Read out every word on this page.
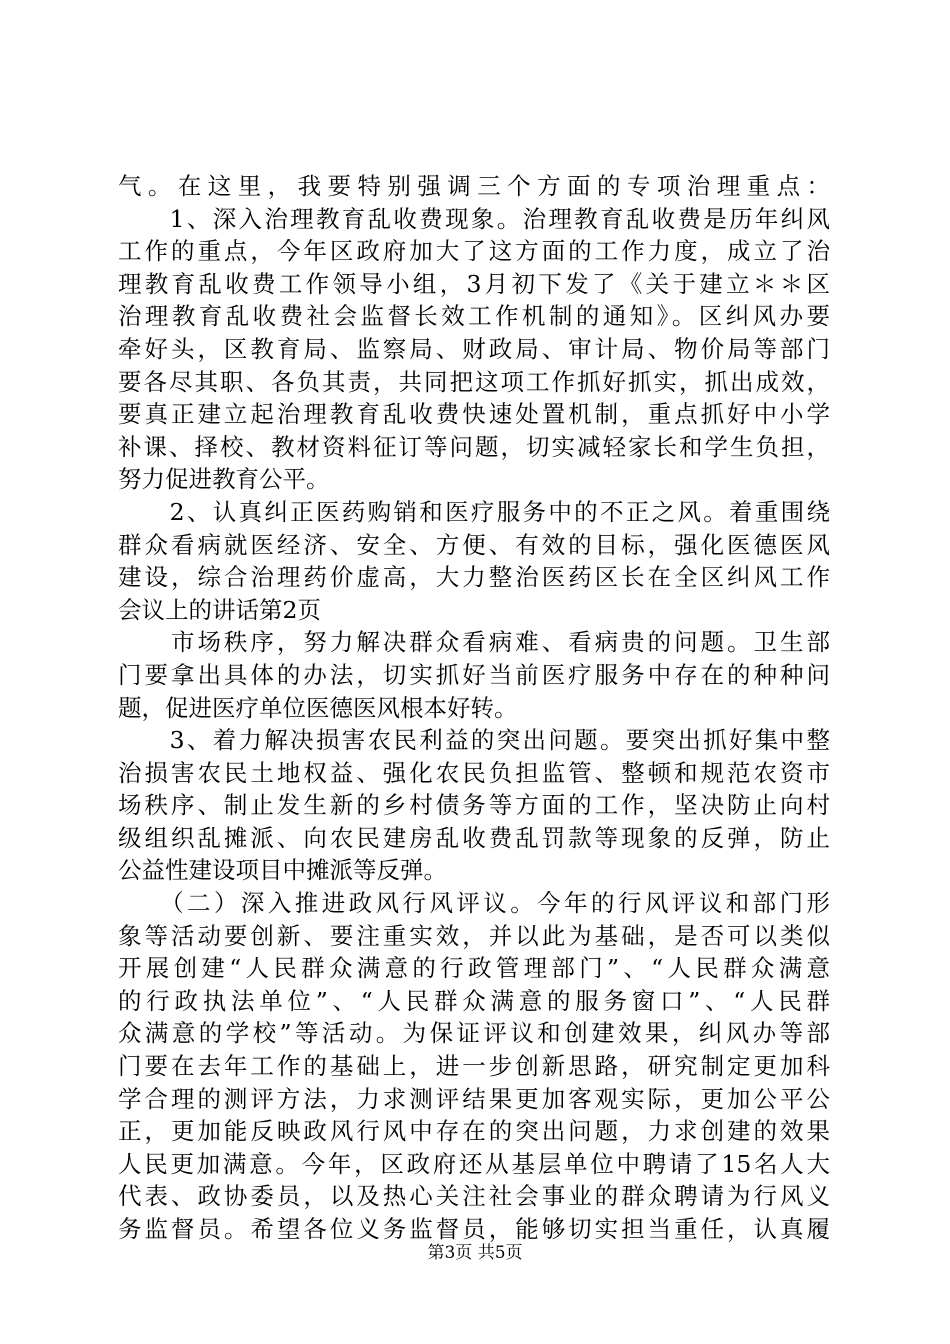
气。在这里，我要特别强调三个方面的专项治理重点：
　　1、深入治理教育乱收费现象。治理教育乱收费是历年纠风
工作的重点，今年区政府加大了这方面的工作力度，成立了治
理教育乱收费工作领导小组，3月初下发了《关于建立＊＊区
治理教育乱收费社会监督长效工作机制的通知》。区纠风办要
牵好头，区教育局、监察局、财政局、审计局、物价局等部门
要各尽其职、各负其责，共同把这项工作抓好抓实，抓出成效，
要真正建立起治理教育乱收费快速处置机制，重点抓好中小学
补课、择校、教材资料征订等问题，切实减轻家长和学生负担，
努力促进教育公平。
　　2、认真纠正医药购销和医疗服务中的不正之风。着重围绕
群众看病就医经济、安全、方便、有效的目标，强化医德医风
建设，综合治理药价虚高，大力整治医药区长在全区纠风工作
会议上的讲话第2页
　　市场秩序，努力解决群众看病难、看病贵的问题。卫生部
门要拿出具体的办法，切实抓好当前医疗服务中存在的种种问
题，促进医疗单位医德医风根本好转。
　　3、着力解决损害农民利益的突出问题。要突出抓好集中整
治损害农民土地权益、强化农民负担监管、整顿和规范农资市
场秩序、制止发生新的乡村债务等方面的工作，坚决防止向村
级组织乱摊派、向农民建房乱收费乱罚款等现象的反弹，防止
公益性建设项目中摊派等反弹。
　　（二）深入推进政风行风评议。今年的行风评议和部门形
象等活动要创新、要注重实效，并以此为基础，是否可以类似
开展创建“人民群众满意的行政管理部门”、“人民群众满意
的行政执法单位”、“人民群众满意的服务窗口”、“人民群
众满意的学校”等活动。为保证评议和创建效果，纠风办等部
门要在去年工作的基础上，进一步创新思路，研究制定更加科
学合理的测评方法，力求测评结果更加客观实际，更加公平公
正，更加能反映政风行风中存在的突出问题，力求创建的效果
人民更加满意。今年，区政府还从基层单位中聘请了15名人大
代表、政协委员，以及热心关注社会事业的群众聘请为行风义
务监督员。希望各位义务监督员，能够切实担当重任，认真履
第3页 共5页
